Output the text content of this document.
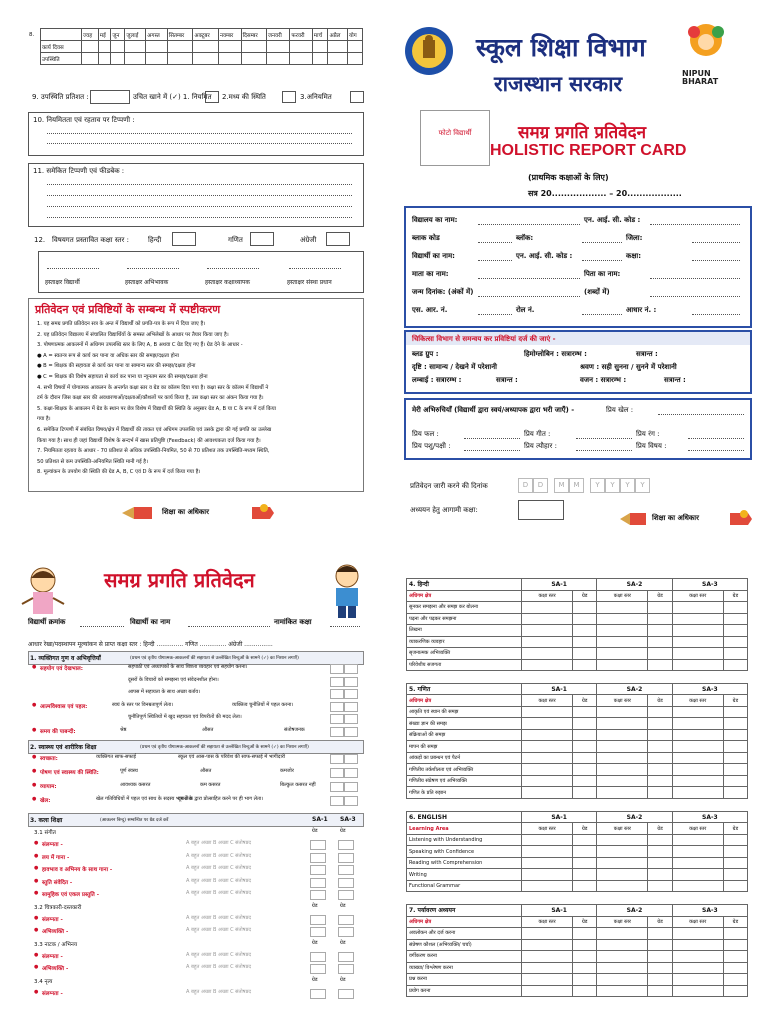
8.		ज्वह	मई	जून	जुलाई	अगस्त	सितम्बर	अक्टूबर	नवम्बर	दिसम्बर	जनवरी	फरवरी	मार्च	अप्रैल	योग
	कार्य दिवस														
	उपस्थिति														
9. उपस्थिति प्रतिशत :	उचित खाने में (✓) 1. नियमित 2.मध्य की स्थिति	3.अनियमित
10. नियमितता एवं रहताव पर टिप्पणी :
11. समेकित टिप्पणी एवं फीडबेक :
12. विषयगत प्रस्तावित कक्षा स्तर :	हिन्दी	गणित	अंग्रेजी
हस्ताक्षर विद्यार्थी	हस्ताक्षर अभिभावक	हस्ताक्षर कक्षाध्यापक	हस्ताक्षर संस्था प्रधान
प्रतिवेदन एवं प्रविष्टियों के सम्बन्ध में स्पष्टीकरण
1. यह समग्र प्रगति प्रतिवेदन सत्र के अन्त में विद्यार्थी को प्रगति-पत्र के रूप में दिया जाए है।
2. यह प्रतिवेदन विद्यालय में संचालित विद्यार्थियों के समस्त अभिलेखों के आधार पर तैयार किया जाए है।
3. पोषणात्मक आकलनों में अधिगम उपलब्धि स्तर के लिए A, B अथवा C ग्रेड दिए गए हैं। ग्रेड देने के आधार -
● A = स्वतन्त्र रूप से कार्य कर पाना या अधिक स्तर की समझ/दक्षता होना
● B = शिक्षक की सहायता से कार्य कर पाना या सामान्य स्तर की समझ/दक्षता होना
● C = शिक्षक की विशेष सहायता से कार्य कर पाना या न्यूनतम स्तर की समझ/दक्षता होना
4. सभी विषयों में योगात्मक आकलन के अन्तर्गत कक्षा स्तर व ग्रेड का कॉलम दिया गया है। कक्षा स्तर के कॉलम में विद्यार्थी ने
टर्म के दौरान जिस कक्षा स्तर की अवधारणाओं/दक्षताओं/कौशलों पर कार्य किया है, उस कक्षा स्तर का अंकन किया गया है।
5. कक्षा-शिक्षक के आकलन में ग्रेड के स्थान पर छेत्र विशेष में विद्यार्थी की स्थिति के अनुसार ग्रेड A, B या C के रूप में दर्ज किया
गया है।
6. समेकित टिप्पणी में संबंधित विषय/क्षेत्र में विद्यार्थी की ताकत एवं अधिगम उपलब्धि एवं उसके द्वारा की गई प्रगति का उल्लेख
किया गया है। साथ ही जहां विद्यार्थी विशेष के सन्दर्भ में खास प्रतिपुष्टि (Feedback) की आवश्यकता दर्ज किया गया है।
7. नियमितता रहताव के आधार - 70 प्रतिशत से अधिक उपस्थिति-नियमित, 50 से 70 प्रतिशत तक उपस्थिति-मध्यम स्थिति,
50 प्रतिशत से कम उपस्थिति-अनियमित स्थिति मानी गई है।
8. मूल्यांकन के उपयोग की स्थिति की ग्रेड A, B, C एवं D के रूप में दर्ज किया गया है।
शिक्षा का अधिकार
स्कूल शिक्षा विभाग
राजस्थान सरकार	NIPUN BHARAT
फोटो विद्यार्थी	समग्र प्रगति प्रतिवेदन
HOLISTIC REPORT CARD
(प्राथमिक कक्षाओं के लिए)
सत्र 20.................. – 20..................
विद्यालय का नाम:	एन. आई. सी. कोड :
ब्लाक कोड	ब्लॉक:	जिला:
विद्यार्थी का नाम:	एन. आई. सी. कोड :	कक्षा:
माता का नाम:	पिता का नाम:
जन्म दिनांक: (अंकों में)	(शब्दों में)
एस. आर. नं.	रोल नं.	आधार नं. :
चिकित्सा विभाग से समन्वय कर प्रविष्टियां दर्ज की जाएं -
ब्लड ग्रुप :	हिमोग्लोबिन : सत्रारम्भ :	सत्रान्त :
दृष्टि : सामान्य / देखने में परेशानी	श्रवण : सही सुनना / सुनने में परेशानी
लम्बाई : सत्रारम्भ :	सत्रान्त :	वजन : सत्रारम्भ :	सत्रान्त :
मेरी अभिरुचियाँ (विद्यार्थी द्वारा स्वयं/अध्यापक द्वारा भरी जाएँ) -	प्रिय खेल :
प्रिय फल :	प्रिय गीत :	प्रिय रंग :
प्रिय पशु/पक्षी :	प्रिय त्यौहार :	प्रिय विषय :
प्रतिवेदन जारी करने की दिनांक	D	D	M	M	Y	Y	Y	Y
अध्ययन हेतु आगामी कक्षा:
शिक्षा का अधिकार
समग्र प्रगति प्रतिवेदन
विद्यार्थी क्रमांक	विद्यार्थी का नाम	नामांकित कक्षा
आधार रेखा/पदस्थापन मूल्यांकन से प्राप्त कक्षा स्तर : हिन्दी .............. गणित .............. अंग्रेजी ...............
1. व्यक्तिगत गुण व अभिवृत्तियाँ	(प्रथम एवं तृतीय योगात्मक-आकलनों की सहायता से उल्लेखित बिन्दुओं के सामने (✓) का निशान लगाएँ)
● सहयोग एवं देखभाल:	सहपाठी एवं अध्यापकों के साथ शिष्टता व्यवहार एवं सहयोग करना।
दूसरों के विचारों को समझना एवं संवेदनशील होना।
आपस में सहायता के साथ अच्छा बर्ताव।
● आत्मविश्वास एवं पहल:	स्वयं के स्तर पर विनम्रतापूर्ण लेता।	व्यक्तित्व चुनौतियों में पहल करना।
चुनौतिपूर्ण स्थितियों में खुद सहायता एवं विपरीतों की मदद लेता।
● समय की पाबन्दी:	श्रेष्ठ	औसत	संतोषजनक
2. स्वास्थ्य एवं शारीरिक शिक्षा	(प्रथम एवं तृतीय योगात्मक-आकलनों की सहायता से उल्लेखित बिन्दुओं के सामने (✓) का निशान लगाएँ)
● स्वच्छता:	व्यक्तिगत साफ-सफाई	स्कूल एवं आस-पास के परिवेश की साफ-सफाई में भागीदारी
● पोषण एवं स्वास्थ्य की स्थिति:	पूर्ण स्वस्थ	औसत	कमजोर
● व्यायाम:	आवश्यक कसरत	कम कसरत	बिल्कुल कसरत नहीं
● खेल:	खेल गतिविधियों में पहल एवं साथ के सदस्य भाग लेता
दूसरों के द्वारा प्रोत्साहित करने पर ही भाग लेता।
3. कला शिक्षा	(आकलन बिन्दु) सम्बन्धित पर ग्रेड दर्ज करें	SA-1 SA-3
3.1 संगीत	ग्रेड	ग्रेड
● संलग्नता -	A बहुत अच्छा B अच्छा C संतोषप्रद
● लय में गाना -	A बहुत अच्छा B अच्छा C संतोषप्रद
● हावभाव व अभिनय के साथ गाना -	A बहुत अच्छा B अच्छा C संतोषप्रद
● स्तुति संवेदित -	A बहुत अच्छा B अच्छा C संतोषप्रद
● सामूहिक एवं एकल प्रस्तुति -	A बहुत अच्छा B अच्छा C संतोषप्रद
3.2 चित्रकारी-दस्तकारी	ग्रेड	ग्रेड
● संलग्नता -	A बहुत अच्छा B अच्छा C संतोषप्रद
● अभिव्यक्ति -	A बहुत अच्छा B अच्छा C संतोषप्रद
3.3 नाटक / अभिनय	ग्रेड	ग्रेड
● संलग्नता -	A बहुत अच्छा B अच्छा C संतोषप्रद
● अभिव्यक्ति -	A बहुत अच्छा B अच्छा C संतोषप्रद
3.4 नृत्य	ग्रेड	ग्रेड
● संलग्नता -	A बहुत अच्छा B अच्छा C संतोषप्रद
4. हिन्दी	SA-1		SA-2		SA-3	
अधिगम क्षेत्र	कक्षा स्तर	ग्रेड	कक्षा स्तर	ग्रेड	कक्षा स्तर	ग्रेड
सुनकर समझना और समझ कर बोलना						
पढ़ना और पढ़कर समझना						
लिखना						
व्याकरणिक व्यवहार						
सृजनात्मक अभिव्यक्ति						
परिवेशीय सजगता						
5. गणित	SA-1		SA-2		SA-3	
अधिगम क्षेत्र	कक्षा स्तर	ग्रेड	कक्षा स्तर	ग्रेड	कक्षा स्तर	ग्रेड
आकृति एवं स्थान की समझ						
संख्या ज्ञान की समझ						
संक्रियाओं की समझ						
मापन की समझ						
आंकड़ों का प्रबन्धन एवं पैटर्न						
गणितीय तर्कशीलता एवं अभिव्यक्ति						
गणितीय संप्रेषण एवं अभिव्यक्ति						
गणित के प्रति रुझान						
6. ENGLISH	SA-1		SA-2		SA-3	
Learning Area	कक्षा स्तर	ग्रेड	कक्षा स्तर	ग्रेड	कक्षा स्तर	ग्रेड
Listening with Understanding						
Speaking with Confidence						
Reading with Comprehension						
Writing						
Functional Grammar						
7. पर्यावरण अध्ययन	SA-1		SA-2		SA-3	
अधिगम क्षेत्र	कक्षा स्तर	ग्रेड	कक्षा स्तर	ग्रेड	कक्षा स्तर	ग्रेड
अवलोकन और दर्ज करना						
संप्रेषण कौशल (अभिव्यक्ति/ चर्चा)						
वर्गीकरण करना						
व्याख्या/ विश्लेषण करना						
प्रश्न करना						
प्रयोग करना						
